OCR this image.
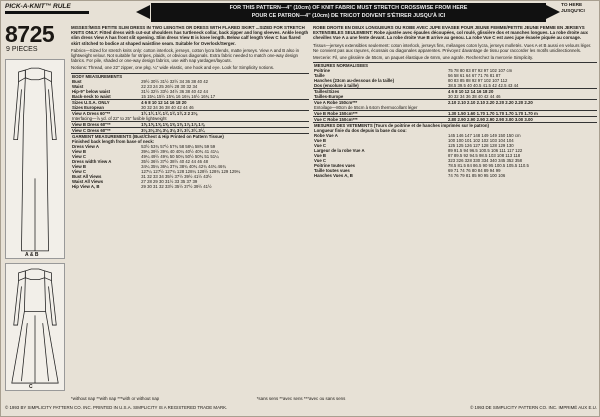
PICK-A-KNIT™ RULE	FOR THIS PATTERN—4" (10cm) OF KNIT FABRIC MUST STRETCH CROSSWISE FROM HERE
POUR CE PATRON—4" (10cm) DE TRICOT DOIVENT S'ÉTIRER JUSQU'À ICI
TO HERE JUSQU'ICI
8725
9 PIECES
A & B
C

MISSES'/MISS PETITE SLIM DRESS IN TWO LENGTHS OR DRESS WITH FLARED SKIRT ...SIZED FOR STRETCH KNITS ONLY: Fitted dress with cut-out shoulders has turtleneck collar, back zipper and long sleeves. Ankle length slim dress View A has front slit opening. Slim dress View B is knee length. Below calf length View C has flared skirt stitched to bodice at shaped waistline seam. Suitable for Overlock/Serger.

Fabrics—Sized for stretch knits only: cotton interlock, jerseys, cotton lycra blends, matte jerseys. View A and B also in lightweight velour. Not suitable for stripes, plaids, or obvious diagonals. Extra fabric needed to match one-way design fabrics. For pile, shaded or one-way design fabrics, use with nap yardages/layouts.

Notions: Thread, one 22" zipper, one pkg. ¼" wide elastic, one hook and eye. Look for Simplicity notions.

BODY MEASUREMENTS	
Bust	29½ 30½ 31½ 32½ 34 36 38 40 42
Waist	22 23 24 25 26½ 28 30 32 34
Hip-9" below waist	31½ 32½ 33½ 34½ 36 38 40 42 44
Back-neck to waist	15 15¼ 15½ 15¾ 16 16¼ 16½ 16¾ 17
Sizes U.S.A. ONLY	4 6 8 10 12 14 16 18 20
Sizes European	30 32 34 36 38 40 42 44 46
View A Dress 60"**	1¾ 1¾ 1¾ 1¾ 1¾ 1¾ 2 2 2⅛
Interfacing—⅞ yd. of 22" to 25" fusible lightweight	
View B Dress 60"**	1⅝ 1⅝ 1⅝ 1⅝ 1⅝ 1⅝ 1⅞ 1⅞ 1⅞
View C Dress 60"**	3⅛ 3⅛ 3⅛ 3⅛ 3⅛ 3¼ 3¼ 3¼ 3¼
GARMENT MEASUREMENTS (Bust/Chest & Hip Printed on Pattern Tissue)	
Finished back length from base of neck:	
Dress View A	53½ 53¾ 57½ 57¾ 58 58¼ 58¾ 59 59
View B	39¼ 39½ 39¾ 40 40¼ 40½ 40¾ 41 41¼
View C	49¼ 49½ 49¾ 50 50¼ 50½ 50¾ 51 51¼
Dress width View A	35½ 36½ 37½ 38½ 40 42 44 46 48
View B	34¼ 35¼ 36¼ 37¼ 38¾ 40¾ 42¾ 44¾ 46¾
View C	127¼ 127½ 127¾ 128 128¼ 128½ 128¾ 129 129¼
Bust All Views	31 32 33 34 35½ 37½ 39½ 41½ 43½
Waist All Views	27 28 29 30 31½ 33 35 37 39
Hip View A, B	29 30 31 32 33½ 35½ 37½ 39½ 41½

ROBE DROITE EN DEUX LONGUEURS OU ROBE AVEC JUPE EVASEE POUR JEUNE FEMME/PETITE JEUNE FEMME EN JERSEYS EXTENSIBLES SEULEMENT: Robe ajustée avec épaules découpées, col roulé, glissière dos et manches longues. La robe droite aux chevilles Vue A a une fente devant. La robe droite Vue B arrive au genou. La robe Vue C est avec jupe évasée piquée au corsage.

Tissus—jerseys extensibles seulement: coton interlock, jerseys fins, mélanges coton lycra, jerseys molletés. Vues A et B aussi en velours léger. Ne convient pas aux rayures, écossais ou diagonales apparentes. Prévoyez davantage de tissu pour raccorder les motifs unidirectionnels.

Mercerie: Fil, une glissière de 55cm, un paquet élastique de 6mm, une agrafe. Recherchez la mercerie Simplicity.

MESURES NORMALISEES	
Poitrine	75 78 80 83 87 92 97 102 107 cm
Taille	56 58 61 64 67 71 76 81 87
Hanches (23cm au-dessous de la taille)	80 83 85 88 92 97 102 107 112
Dos (encolure à taille)	38.5 39.5 40 40.5 41.5 42 42.5 43 44
Tailles/Sizes	4 6 8 10 12 14 16 18 20
Tailles-Europe	30 32 34 36 38 40 42 44 46
Vue A Robe 150cm***	2.10 2.10 2.10 2.10 2.20 2.20 2.20 2.20 2.20
Entoilage—80cm de 55cm à 64cm thermocollant léger	
Vue B Robe 150cm***	1.30 1.50 1.60 1.70 1.70 1.70 1.70 1.70 1.70 m
Vue C Robe 150cm***	2.80 2.90 2.90 2.90 2.90 2.90 3.00 3.00 3.00
MESURES DES VETEMENTS (Tours de poitrine et de hanches imprimés sur le patron)	
Longueur finie du dos depuis la base du cou:	
Robe Vue A	145 146 147 148 149 149 150 150 cm
Vue B	100 100 101 102 102 103 104 104
Vue C	125 125 126 127 128 128 129 130
Largeur de la robe Vue A	89 91.5 94 96.5 100.5 106 111 117 122
Vue B	87 89.5 92 94.5 98.5 103 108 113 118
Vue C	323 326 328 330 334 340 345 352 358
Poitrine toutes vues	78.5 81.5 84 86.5 90 95 100.5 105.5 110.5
Taille toutes vues	69 71 74 76 80 84 89 94 99
Hanches Vues A, B	74 76 79 81 85 90 95 100 106
*without nap **with nap ***with or without nap	*sans sens **avec sens ***avec ou sans sens
© 1993 BY SIMPLICITY PATTERN CO. INC. PRINTED IN U.S.A. SIMPLICITY IS A REGISTERED TRADE MARK.	© 1993 DE SIMPLICITY PATTERN CO. INC. IMPRIMÉ AUX E.U.
